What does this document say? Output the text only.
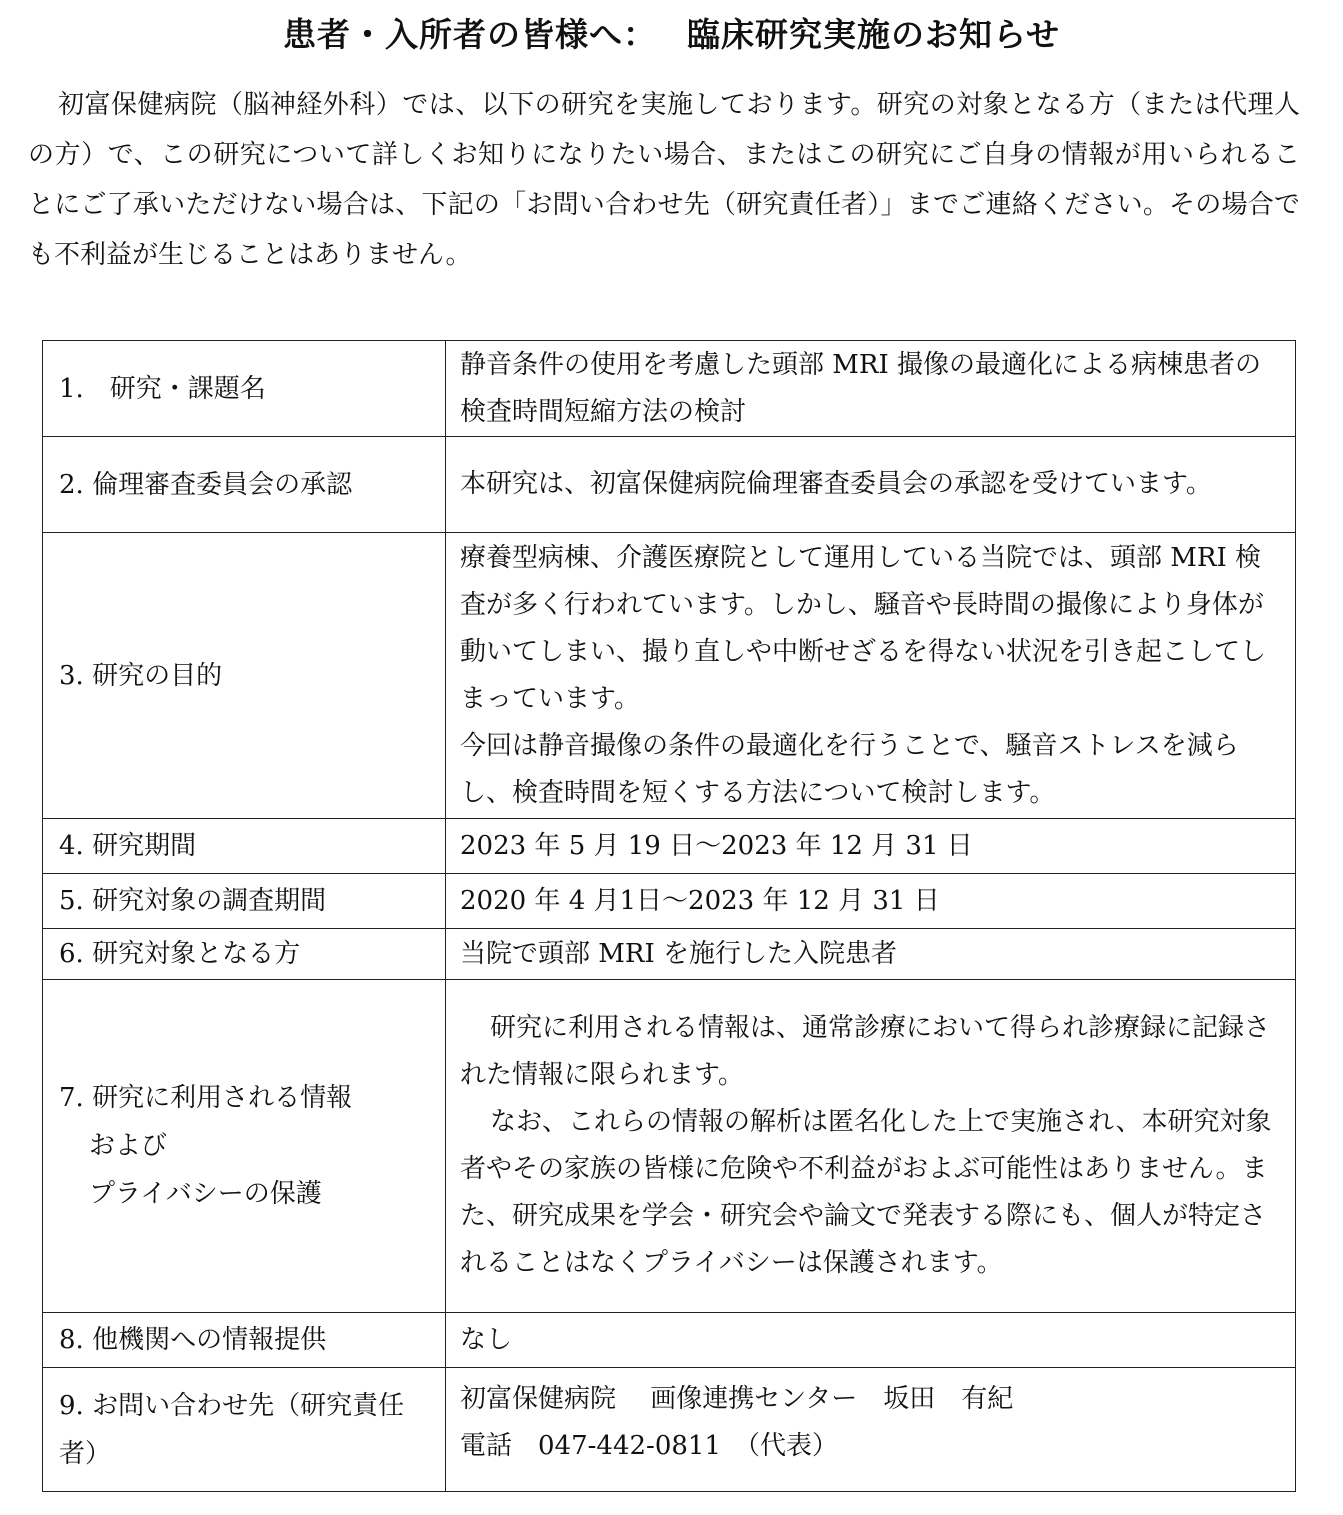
患者・入所者の皆様へ：　 臨床研究実施のお知らせ

初富保健病院（脳神経外科）では、以下の研究を実施しております。研究の対象となる方（または代理人の方）で、この研究について詳しくお知りになりたい場合、またはこの研究にご自身の情報が用いられることにご了承いただけない場合は、下記の「お問い合わせ先（研究責任者）」までご連絡ください。その場合でも不利益が生じることはありません。

1.　研究・課題名	静音条件の使用を考慮した頭部 MRI 撮像の最適化による病棟患者の検査時間短縮方法の検討
2. 倫理審査委員会の承認	本研究は、初富保健病院倫理審査委員会の承認を受けています。
3. 研究の目的	療養型病棟、介護医療院として運用している当院では、頭部 MRI 検査が多く行われています。しかし、騒音や長時間の撮像により身体が動いてしまい、撮り直しや中断せざるを得ない状況を引き起こしてしまっています。
今回は静音撮像の条件の最適化を行うことで、騒音ストレスを減らし、検査時間を短くする方法について検討します。

4. 研究期間	2023 年 5 月 19 日～2023 年 12 月 31 日
5. 研究対象の調査期間	2020 年 4 月1日～2023 年 12 月 31 日
6. 研究対象となる方	当院で頭部 MRI を施行した入院患者

7. 研究に利用される情報
および
プライバシーの保護	研究に利用される情報は、通常診療において得られ診療録に記録された情報に限られます。
なお、これらの情報の解析は匿名化した上で実施され、本研究対象者やその家族の皆様に危険や不利益がおよぶ可能性はありません。また、研究成果を学会・研究会や論文で発表する際にも、個人が特定されることはなくプライバシーは保護されます。

8. 他機関への情報提供	なし
9. お問い合わせ先（研究責任者）	初富保健病院　 画像連携センター　坂田　有紀
電話　047-442-0811　（代表）
